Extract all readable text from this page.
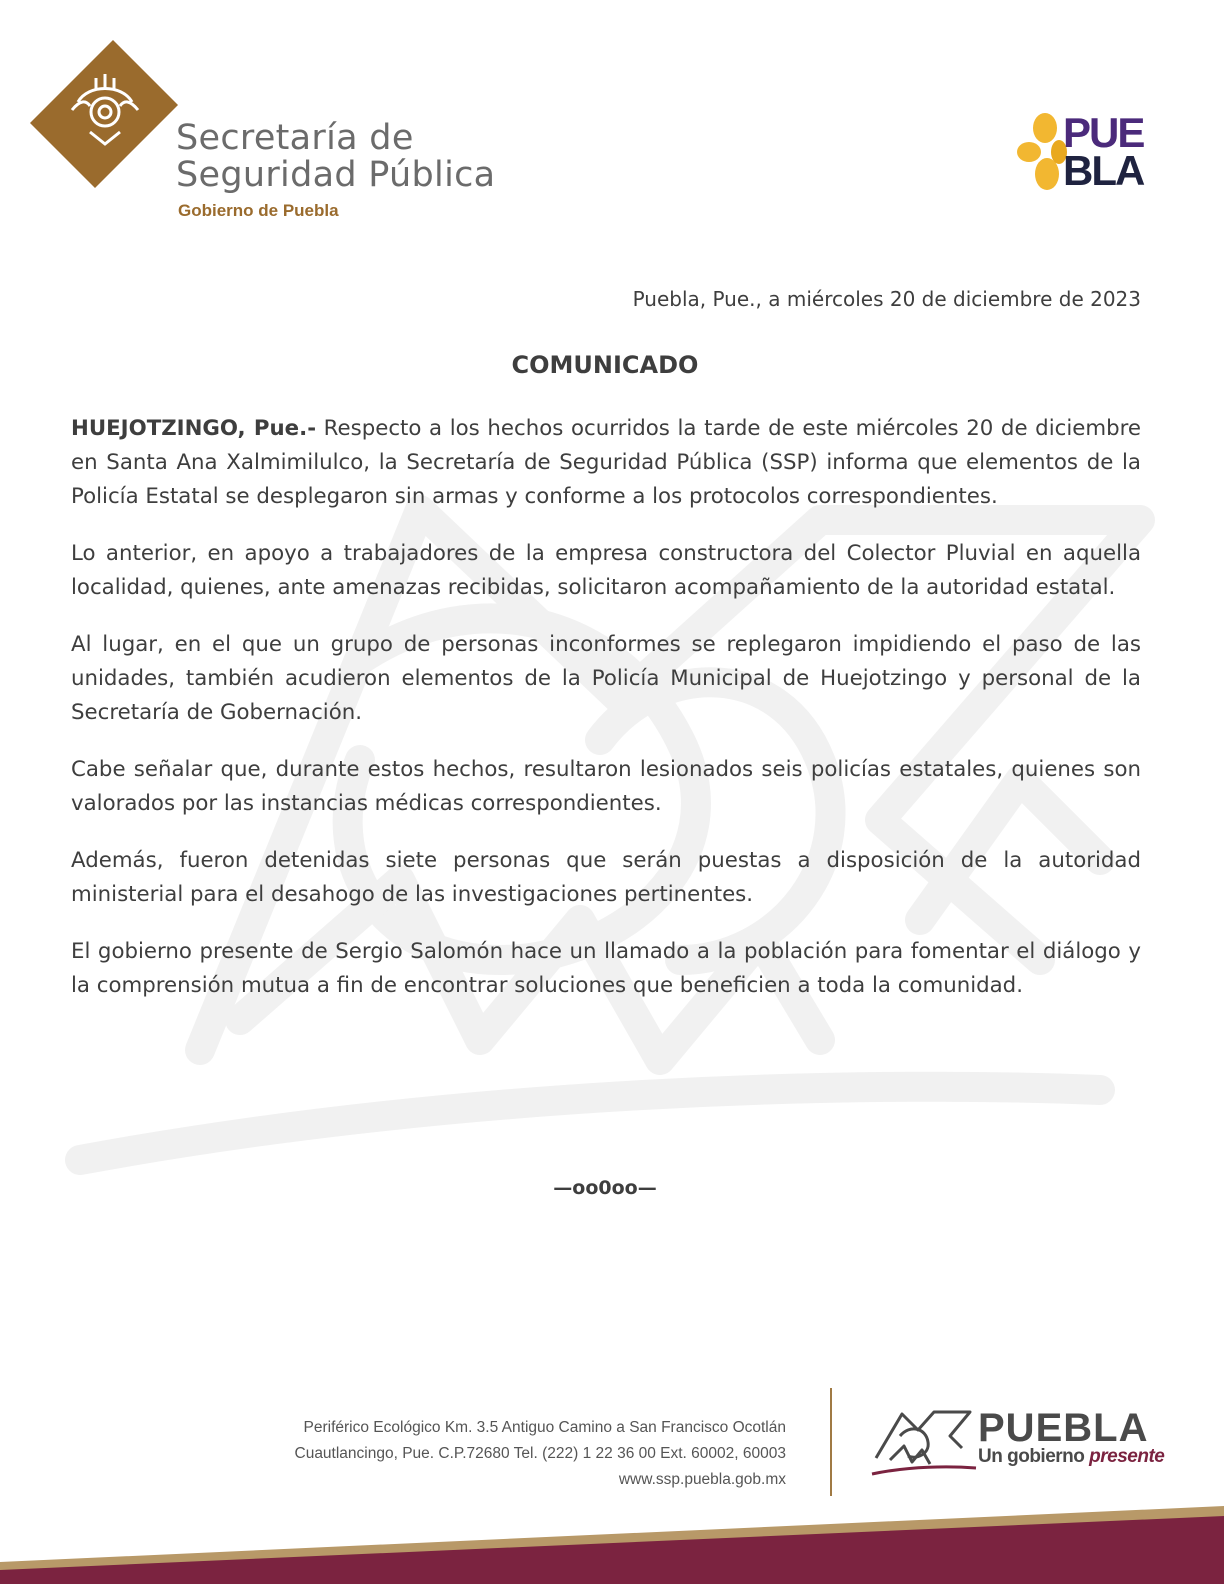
Secretaría de
Seguridad Pública
Gobierno de Puebla
PUE
BLA
Puebla, Pue., a miércoles 20 de diciembre de 2023
COMUNICADO

HUEJOTZINGO, Pue.- Respecto a los hechos ocurridos la tarde de este miércoles 20 de diciembre en Santa Ana Xalmimilulco, la Secretaría de Seguridad Pública (SSP) informa que elementos de la Policía Estatal se desplegaron sin armas y conforme a los protocolos correspondientes.

Lo anterior, en apoyo a trabajadores de la empresa constructora del Colector Pluvial en aquella localidad, quienes, ante amenazas recibidas, solicitaron acompañamiento de la autoridad estatal.

Al lugar, en el que un grupo de personas inconformes se replegaron impidiendo el paso de las unidades, también acudieron elementos de la Policía Municipal de Huejotzingo y personal de la Secretaría de Gobernación.

Cabe señalar que, durante estos hechos, resultaron lesionados seis policías estatales, quienes son valorados por las instancias médicas correspondientes.

Además, fueron detenidas siete personas que serán puestas a disposición de la autoridad ministerial para el desahogo de las investigaciones pertinentes.

El gobierno presente de Sergio Salomón hace un llamado a la población para fomentar el diálogo y la comprensión mutua a fin de encontrar soluciones que beneficien a toda la comunidad.

—oo0oo—
Periférico Ecológico Km. 3.5 Antiguo Camino a San Francisco Ocotlán
Cuautlancingo, Pue. C.P.72680 Tel. (222) 1 22 36 00 Ext. 60002, 60003
www.ssp.puebla.gob.mx
PUEBLA
Un gobierno presente
